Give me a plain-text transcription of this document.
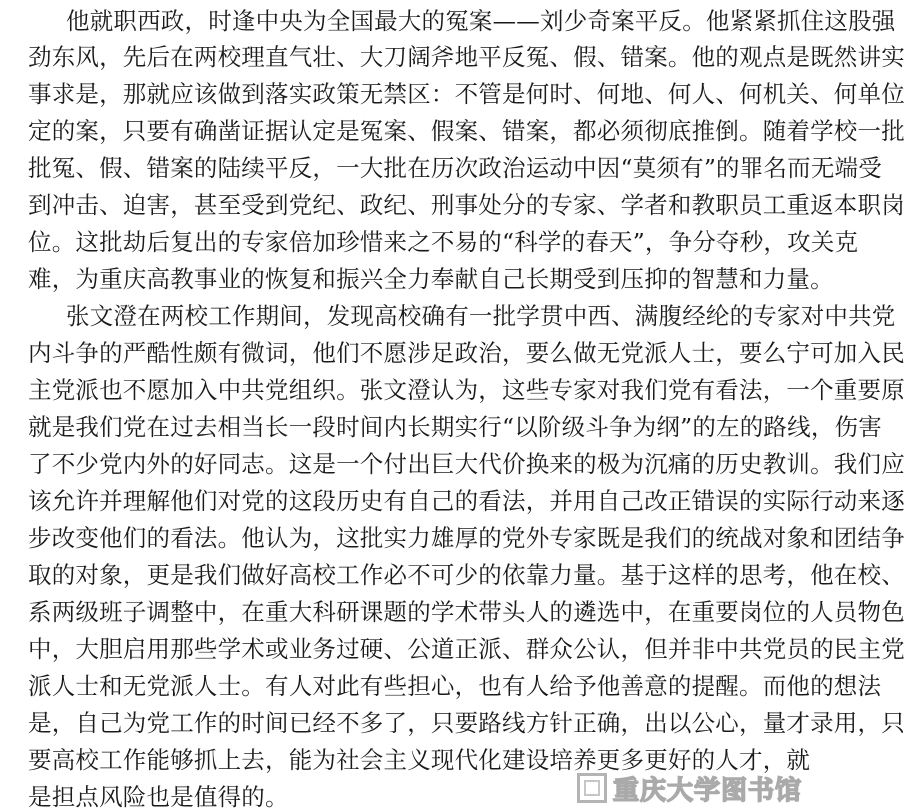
他就职西政，时逢中央为全国最大的冤案——刘少奇案平反。他紧紧抓住这股强
劲东风，先后在两校理直气壮、大刀阔斧地平反冤、假、错案。他的观点是既然讲实
事求是，那就应该做到落实政策无禁区：不管是何时、何地、何人、何机关、何单位
定的案，只要有确凿证据认定是冤案、假案、错案，都必须彻底推倒。随着学校一批
批冤、假、错案的陆续平反，一大批在历次政治运动中因“莫须有”的罪名而无端受
到冲击、迫害，甚至受到党纪、政纪、刑事处分的专家、学者和教职员工重返本职岗
位。这批劫后复出的专家倍加珍惜来之不易的“科学的春天”，争分夺秒，攻关克
难，为重庆高教事业的恢复和振兴全力奉献自己长期受到压抑的智慧和力量。
张文澄在两校工作期间，发现高校确有一批学贯中西、满腹经纶的专家对中共党
内斗争的严酷性颇有微词，他们不愿涉足政治，要么做无党派人士，要么宁可加入民
主党派也不愿加入中共党组织。张文澄认为，这些专家对我们党有看法，一个重要原
就是我们党在过去相当长一段时间内长期实行“以阶级斗争为纲”的左的路线，伤害
了不少党内外的好同志。这是一个付出巨大代价换来的极为沉痛的历史教训。我们应
该允许并理解他们对党的这段历史有自己的看法，并用自己改正错误的实际行动来逐
步改变他们的看法。他认为，这批实力雄厚的党外专家既是我们的统战对象和团结争
取的对象，更是我们做好高校工作必不可少的依靠力量。基于这样的思考，他在校、
系两级班子调整中，在重大科研课题的学术带头人的遴选中，在重要岗位的人员物色
中，大胆启用那些学术或业务过硬、公道正派、群众公认，但并非中共党员的民主党
派人士和无党派人士。有人对此有些担心，也有人给予他善意的提醒。而他的想法
是，自己为党工作的时间已经不多了，只要路线方针正确，出以公心，量才录用，只
要高校工作能够抓上去，能为社会主义现代化建设培养更多更好的人才，就
是担点风险也是值得的。	重庆大学图书馆
